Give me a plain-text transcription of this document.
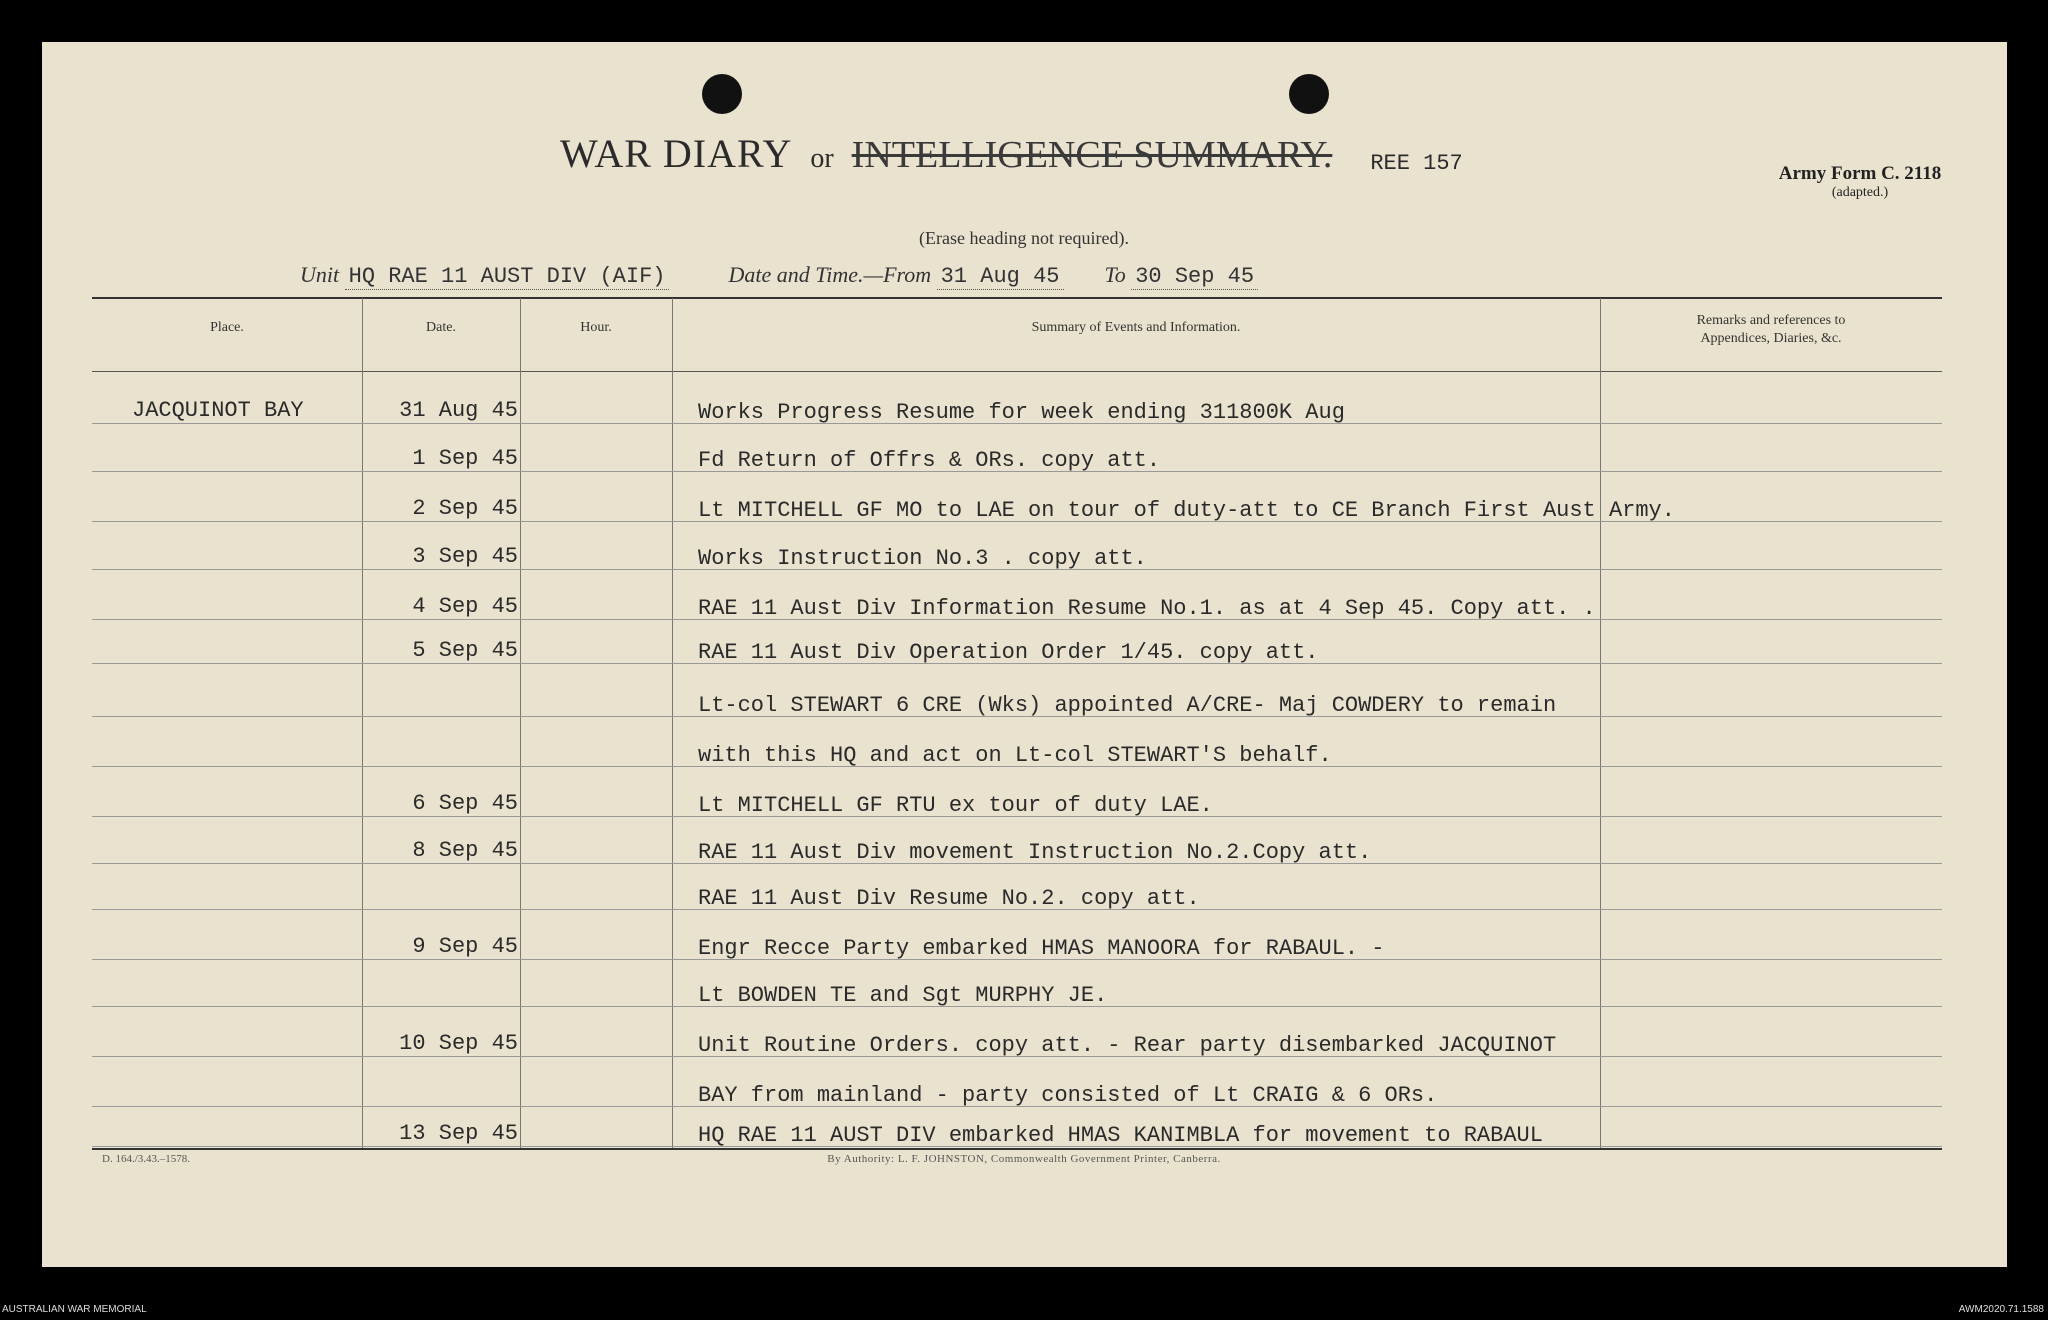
WAR DIARY or INTELLIGENCE SUMMARY. REE 157
(Erase heading not required).
Army Form C. 2118
(adapted.)
Unit HQ RAE 11 AUST DIV (AIF)	Date and Time.—From 31 Aug 45 To 30 Sep 45
Place.	Date.	Hour.	Summary of Events and Information.	Remarks and references to
Appendices, Diaries, &c.
JACQUINOT BAY	31 Aug 45	Works Progress Resume for week ending 311800K Aug
1 Sep 45	Fd Return of Offrs & ORs. copy att.
2 Sep 45	Lt MITCHELL GF MO to LAE on tour of duty-att to CE Branch First Aust Army.
3 Sep 45	Works Instruction No.3 . copy att.
4 Sep 45	RAE 11 Aust Div Information Resume No.1. as at 4 Sep 45. Copy att. .
5 Sep 45	RAE 11 Aust Div Operation Order 1/45. copy att.
Lt-col STEWART 6 CRE (Wks) appointed A/CRE- Maj COWDERY to remain
with this HQ and act on Lt-col STEWART'S behalf.
6 Sep 45	Lt MITCHELL GF RTU ex tour of duty LAE.
8 Sep 45	RAE 11 Aust Div movement Instruction No.2.Copy att.
RAE 11 Aust Div Resume No.2. copy att.
9 Sep 45	Engr Recce Party embarked HMAS MANOORA for RABAUL. -
Lt BOWDEN TE and Sgt MURPHY JE.
10 Sep 45	Unit Routine Orders. copy att. - Rear party disembarked JACQUINOT
BAY from mainland - party consisted of Lt CRAIG & 6 ORs.
13 Sep 45	HQ RAE 11 AUST DIV embarked HMAS KANIMBLA for movement to RABAUL
D. 164./3.43.–1578.	By Authority: L. F. JOHNSTON, Commonwealth Government Printer, Canberra.
AUSTRALIAN WAR MEMORIAL	AWM2020.71.1588
